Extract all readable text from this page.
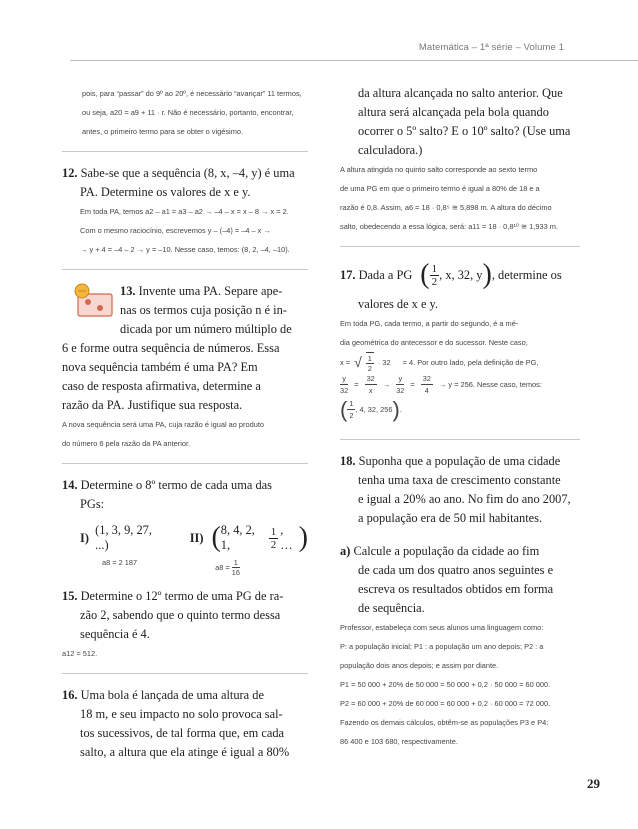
Matemática – 1ª série – Volume 1

pois, para “passar” do 9º ao 20º, é necessário “avançar” 11 termos,

ou seja, a20 = a9 + 11 · r. Não é necessário, portanto, encontrar,

antes, o primeiro termo para se obter o vigésimo.

12. Sabe-se que a sequência (8, x, –4, y) é uma

PA. Determine os valores de x e y.

Em toda PA, temos a2 – a1 = a3 – a2 → –4 – x = x – 8 → x = 2.

Com o mesmo raciocínio, escrevemos y – (–4) = –4 – x →

→ y + 4 = –4 – 2 → y = –10. Nesse caso, temos: (8, 2, –4, –10).

13. Invente uma PA. Separe ape-

nas os termos cuja posição n é in-

dicada por um número múltiplo de

6 e forme outra sequência de números. Essa

nova sequência também é uma PA? Em

caso de resposta afirmativa, determine a

razão da PA. Justifique sua resposta.

A nova sequência será uma PA, cuja razão é igual ao produto

do número 6 pela razão da PA anterior.

14. Determine o 8º termo de cada uma das

PGs:

I)

(1, 3, 9, 27, ...)
II) ( 8, 4, 2, 1,
1
2
, … )
a8 = 2 187
$a8 = \frac{1}{16}$

15. Determine o 12º termo de uma PG de ra-

zão 2, sabendo que o quinto termo dessa

sequência é 4.

a12 = 512.

16. Uma bola é lançada de uma altura de

18 m, e seu impacto no solo provoca sal-

tos sucessivos, de tal forma que, em cada

salto, a altura que ela atinge é igual a 80%

da altura alcançada no salto anterior. Que

altura será alcançada pela bola quando

ocorrer o 5º salto? E o 10º salto? (Use uma

calculadora.)

A altura atingida no quinto salto corresponde ao sexto termo

de uma PG em que o primeiro termo é igual a 80% de 18 e a

razão é 0,8. Assim, a6 = 18 · 0,8⁵ ≅ 5,898 m. A altura do décimo

salto, obedecendo a essa lógica, será: a11 = 18 · 0,8¹⁰ ≅ 1,933 m.

17.
Dada a PG ( 1
2 , x, 32, y ) , determine os

valores de x e y.

Em toda PG, cada termo, a partir do segundo, é a mé-

dia geométrica do antecessor e do sucessor. Neste caso,

x = √ 1
2
· 32 = 4. Por outro lado, pela definição de PG,
$\frac{y}{32} = \frac{32}{x} \to \frac{y}{32} = \frac{32}{4} \to y = 256$. Nesse caso, temos:
( 1
2
, 4, 32, 256 ) .

18. Suponha que a população de uma cidade

tenha uma taxa de crescimento constante

e igual a 20% ao ano. No fim do ano 2007,

a população era de 50 mil habitantes.

a) Calcule a população da cidade ao fim

de cada um dos quatro anos seguintes e

escreva os resultados obtidos em forma

de sequência.

Professor, estabeleça com seus alunos uma linguagem como:

P: a população inicial; P1 : a população um ano depois; P2 : a

população dois anos depois; e assim por diante.

P1 = 50 000 + 20% de 50 000 = 50 000 + 0,2 · 50 000 = 60 000.

P2 = 60 000 + 20% de 60 000 = 60 000 + 0,2 · 60 000 = 72 000.

Fazendo os demais cálculos, obtêm-se as populações P3 e P4:

86 400 e 103 680, respectivamente.

29
